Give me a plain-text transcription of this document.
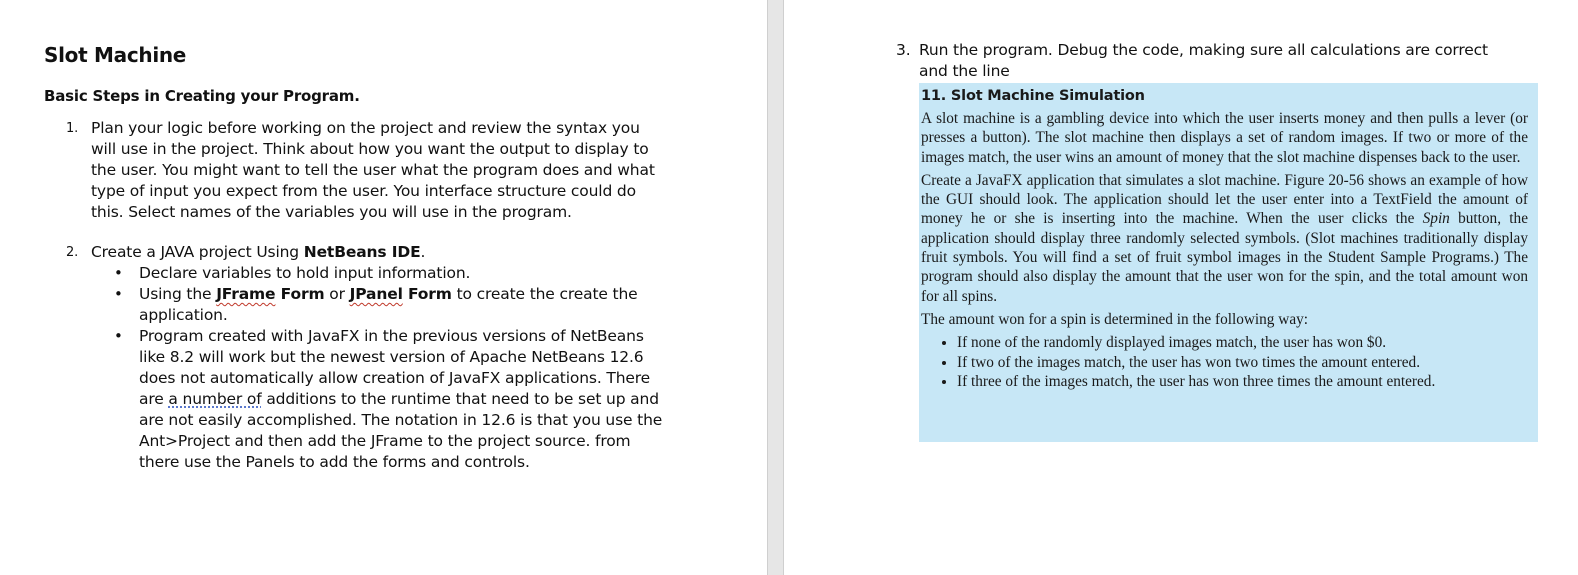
Slot Machine
Basic Steps in Creating your Program.
1. Plan your logic before working on the project and review the syntax you will use in the project. Think about how you want the output to display to the user. You might want to tell the user what the program does and what type of input you expect from the user. You interface structure could do this. Select names of the variables you will use in the program.
2. Create a JAVA project Using NetBeans IDE.
• Declare variables to hold input information.
• Using the JFrame Form or JPanel Form to create the create the application.
• Program created with JavaFX in the previous versions of NetBeans like 8.2 will work but the newest version of Apache NetBeans 12.6 does not automatically allow creation of JavaFX applications. There are a number of additions to the runtime that need to be set up and are not easily accomplished. The notation in 12.6 is that you use the Ant>Project and then add the JFrame to the project source. from there use the Panels to add the forms and controls.
3. Run the program. Debug the code, making sure all calculations are correct and the line
11. Slot Machine Simulation

A slot machine is a gambling device into which the user inserts money and then pulls a lever (or presses a button). The slot machine then displays a set of random images. If two or more of the images match, the user wins an amount of money that the slot machine dispenses back to the user.

Create a JavaFX application that simulates a slot machine. Figure 20-56 shows an example of how the GUI should look. The application should let the user enter into a TextField the amount of money he or she is inserting into the machine. When the user clicks the Spin button, the application should display three randomly selected symbols. (Slot machines traditionally display fruit symbols. You will find a set of fruit symbol images in the Student Sample Programs.) The program should also display the amount that the user won for the spin, and the total amount won for all spins.

The amount won for a spin is determined in the following way:

• If none of the randomly displayed images match, the user has won $0.
• If two of the images match, the user has won two times the amount entered.
• If three of the images match, the user has won three times the amount entered.
